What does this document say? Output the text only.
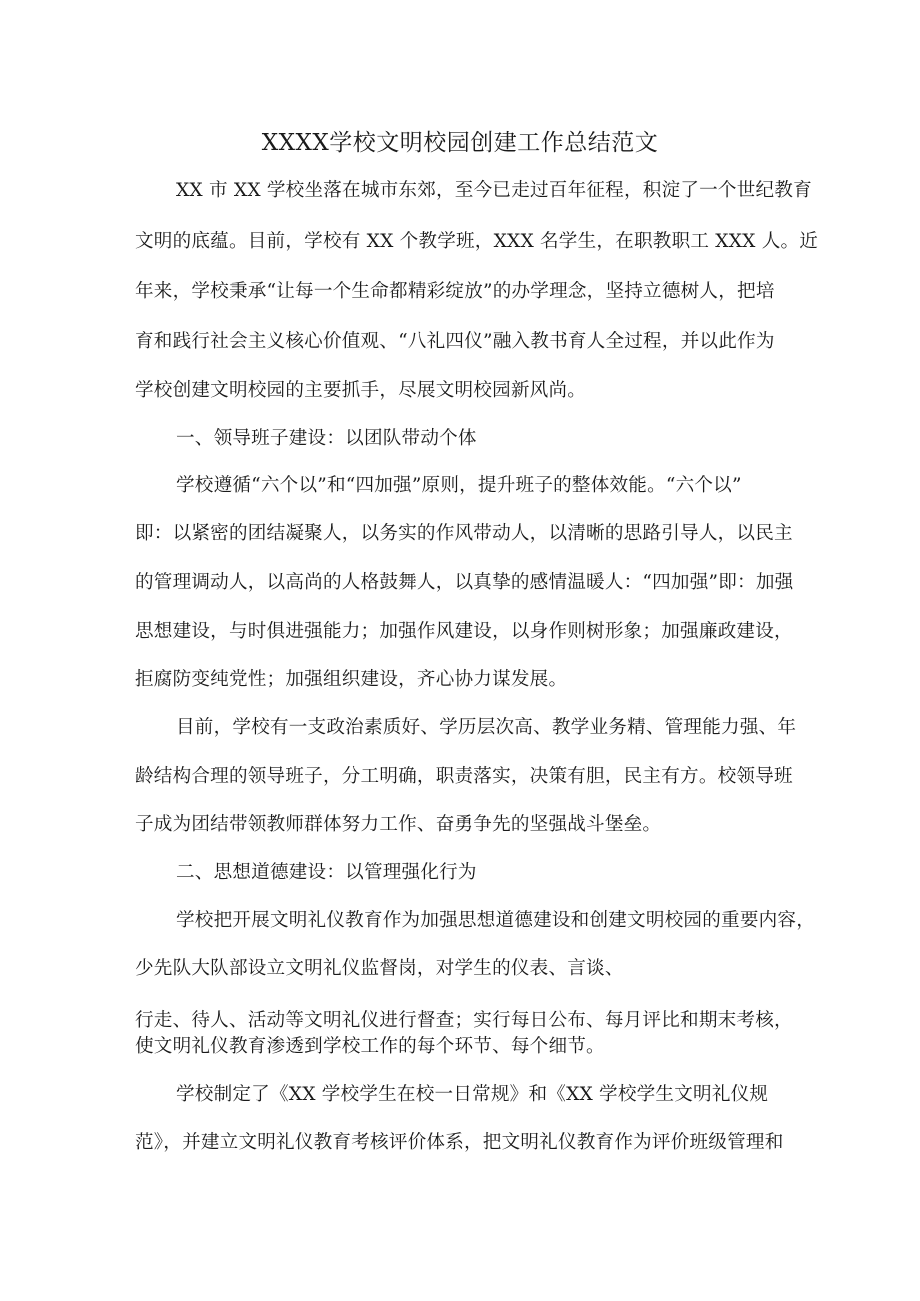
XXXX学校文明校园创建工作总结范文
XX 市 XX 学校坐落在城市东郊，至今已走过百年征程，积淀了一个世纪教育
文明的底蕴。目前，学校有 XX 个教学班，XXX 名学生，在职教职工 XXX 人。近
年来，学校秉承“让每一个生命都精彩绽放”的办学理念，坚持立德树人，把培
育和践行社会主义核心价值观、“八礼四仪”融入教书育人全过程，并以此作为
学校创建文明校园的主要抓手，尽展文明校园新风尚。
一、领导班子建设：以团队带动个体
学校遵循“六个以”和“四加强”原则，提升班子的整体效能。“六个以”
即：以紧密的团结凝聚人，以务实的作风带动人，以清晰的思路引导人，以民主
的管理调动人，以高尚的人格鼓舞人，以真挚的感情温暖人：“四加强”即：加强
思想建设，与时俱进强能力；加强作风建设，以身作则树形象；加强廉政建设，
拒腐防变纯党性；加强组织建设，齐心协力谋发展。
目前，学校有一支政治素质好、学历层次高、教学业务精、管理能力强、年
龄结构合理的领导班子，分工明确，职责落实，决策有胆，民主有方。校领导班
子成为团结带领教师群体努力工作、奋勇争先的坚强战斗堡垒。
二、思想道德建设：以管理强化行为
学校把开展文明礼仪教育作为加强思想道德建设和创建文明校园的重要内容，
少先队大队部设立文明礼仪监督岗，对学生的仪表、言谈、
行走、待人、活动等文明礼仪进行督查；实行每日公布、每月评比和期末考核，
使文明礼仪教育渗透到学校工作的每个环节、每个细节。
学校制定了《XX 学校学生在校一日常规》和《XX 学校学生文明礼仪规
范》，并建立文明礼仪教育考核评价体系，把文明礼仪教育作为评价班级管理和
